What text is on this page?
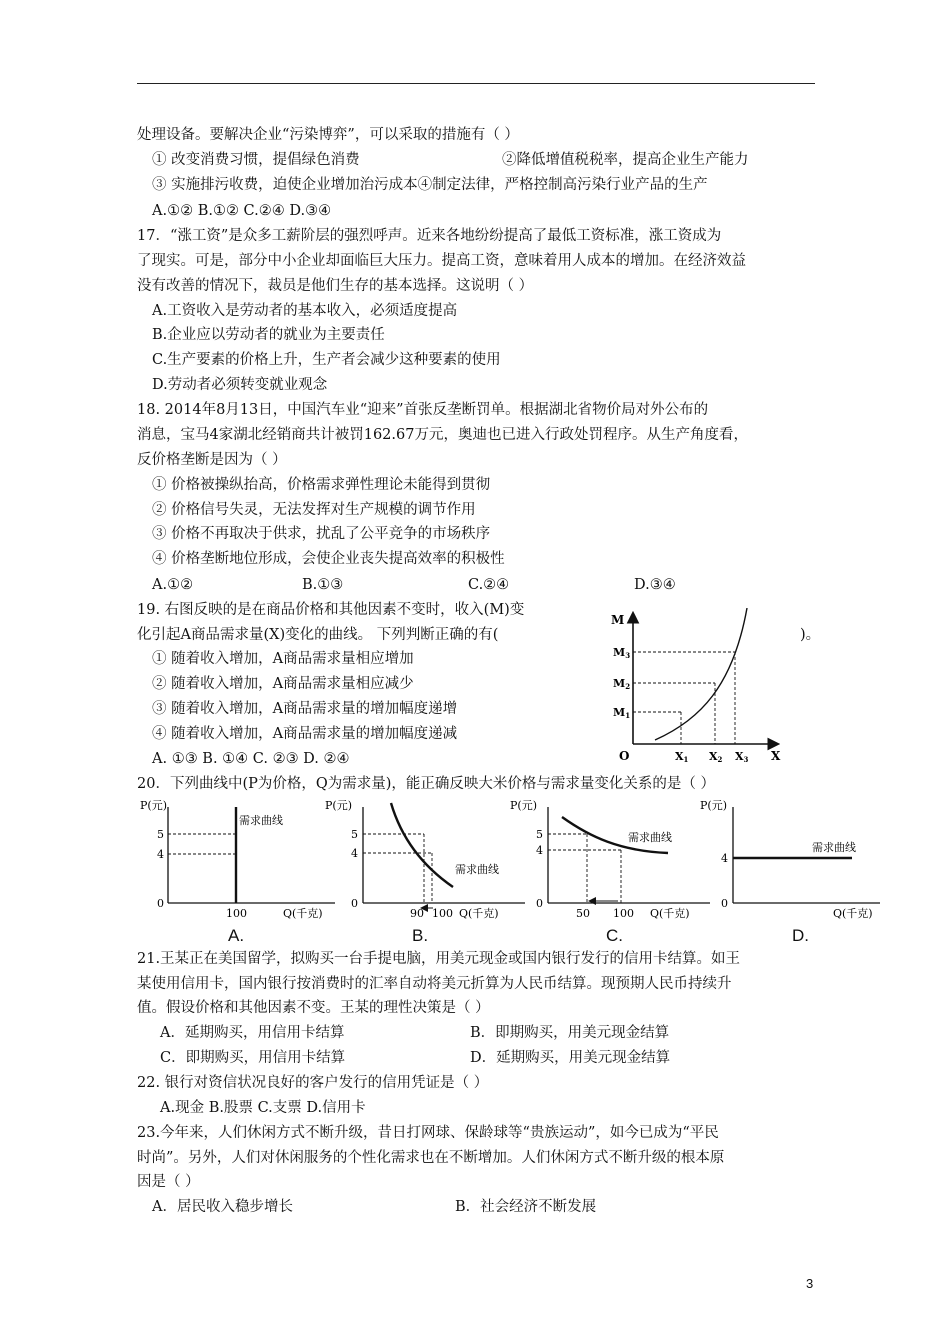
处理设备。要解决企业“污染博弈”，可以采取的措施有（ ）
① 改变消费习惯，提倡绿色消费	②降低增值税税率，提高企业生产能力
③ 实施排污收费，迫使企业增加治污成本④制定法律，严格控制高污染行业产品的生产
A.①② B.①② C.②④ D.③④
17．“涨工资”是众多工薪阶层的强烈呼声。近来各地纷纷提高了最低工资标准，涨工资成为
了现实。可是，部分中小企业却面临巨大压力。提高工资，意味着用人成本的增加。在经济效益
没有改善的情况下，裁员是他们生存的基本选择。这说明（ ）
A.工资收入是劳动者的基本收入，必须适度提高
B.企业应以劳动者的就业为主要责任
C.生产要素的价格上升，生产者会减少这种要素的使用
D.劳动者必须转变就业观念
18. 2014年8月13日，中国汽车业“迎来”首张反垄断罚单。根据湖北省物价局对外公布的
消息，宝马4家湖北经销商共计被罚162.67万元，奥迪也已进入行政处罚程序。从生产角度看，
反价格垄断是因为（ ）
① 价格被操纵抬高，价格需求弹性理论未能得到贯彻
② 价格信号失灵，无法发挥对生产规模的调节作用
③ 价格不再取决于供求，扰乱了公平竞争的市场秩序
④ 价格垄断地位形成，会使企业丧失提高效率的积极性
A.①②	B.①③	C.②④	D.③④
19. 右图反映的是在商品价格和其他因素不变时，收入(M)变
化引起A商品需求量(X)变化的曲线。 下列判断正确的有(	)。
① 随着收入增加，A商品需求量相应增加
② 随着收入增加，A商品需求量相应减少
③ 随着收入增加，A商品需求量的增加幅度递增
④ 随着收入增加，A商品需求量的增加幅度递减
A. ①③ B. ①④ C. ②③ D. ②④
M
X
O
M1
M2
M3
X1 X2 X3
20．下列曲线中(P为价格，Q为需求量)，能正确反映大米价格与需求量变化关系的是（ ）
P(元)
需求曲线
5
4
0
100	Q(千克)
A.
P(元)
需求曲线
5
4
0
90 100 Q(千克)
B.
P(元)
需求曲线
5
4
0
50 100 Q(千克)
C.
P(元)
需求曲线
4
0
Q(千克)
D.
21.王某正在美国留学，拟购买一台手提电脑，用美元现金或国内银行发行的信用卡结算。如王
某使用信用卡，国内银行按消费时的汇率自动将美元折算为人民币结算。现预期人民币持续升
值。假设价格和其他因素不变。王某的理性决策是（ ）
A．延期购买，用信用卡结算	B．即期购买，用美元现金结算
C．即期购买，用信用卡结算	D．延期购买，用美元现金结算
22. 银行对资信状况良好的客户发行的信用凭证是（ ）
A.现金 B.股票 C.支票 D.信用卡
23.今年来，人们休闲方式不断升级，昔日打网球、保龄球等“贵族运动”，如今已成为“平民
时尚”。另外，人们对休闲服务的个性化需求也在不断增加。人们休闲方式不断升级的根本原
因是（ ）
A．居民收入稳步增长	B．社会经济不断发展
3
